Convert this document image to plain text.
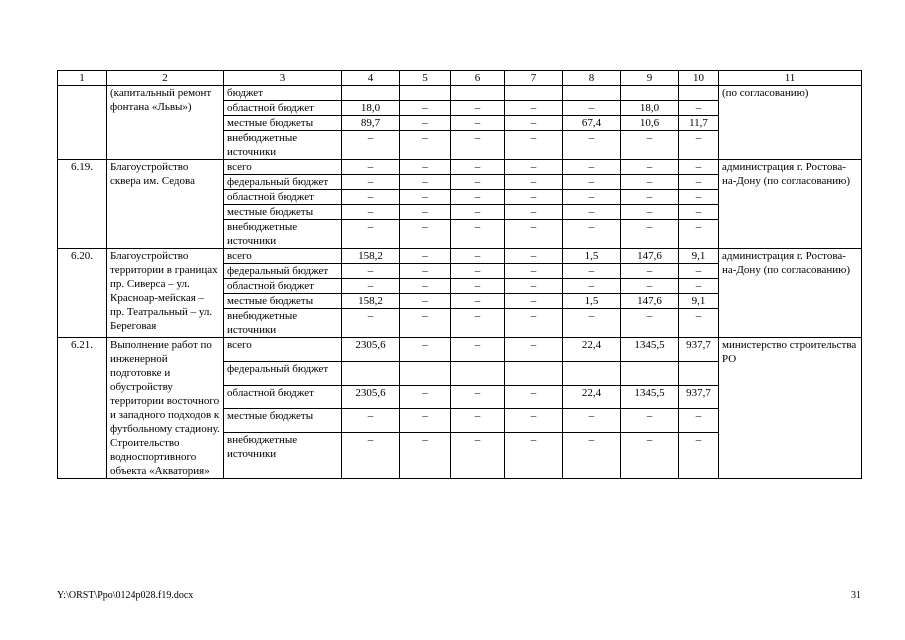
1	2	3	4	5	6	7	8	9	10	11
	(капитальный ремонт фонтана «Львы»)	бюджет								(по согласованию)
		областной бюджет	18,0	–	–	–	–	18,0	–	
		местные бюджеты	89,7	–	–	–	67,4	10,6	11,7	
		внебюджетные источники	–	–	–	–	–	–	–	
6.19.	Благоустройство сквера им. Седова	всего	–	–	–	–	–	–	–	администрация г. Ростова-на-Дону (по согласованию)
		федеральный бюджет	–	–	–	–	–	–	–	
		областной бюджет	–	–	–	–	–	–	–	
		местные бюджеты	–	–	–	–	–	–	–	
		внебюджетные источники	–	–	–	–	–	–	–	
6.20.	Благоустройство территории в границах пр. Сиверса – ул. Красноар-мейская – пр. Театральный – ул. Береговая	всего	158,2	–	–	–	1,5	147,6	9,1	администрация г. Ростова-на-Дону (по согласованию)
		федеральный бюджет	–	–	–	–	–	–	–	
		областной бюджет	–	–	–	–	–	–	–	
		местные бюджеты	158,2	–	–	–	1,5	147,6	9,1	
		внебюджетные источники	–	–	–	–	–	–	–	
6.21.	Выполнение работ по инженерной подготовке и обустройству территории восточного и западного подходов к футбольному стадиону. Строительство водноспортивного объекта «Акватория»	всего	2305,6	–	–	–	22,4	1345,5	937,7	министерство строительства РО
		федеральный бюджет								
		областной бюджет	2305,6	–	–	–	22,4	1345,5	937,7	
		местные бюджеты	–	–	–	–	–	–	–	
		внебюджетные источники	–	–	–	–	–	–	–	
Y:\ORST\Ppo\0124p028.f19.docx	31
